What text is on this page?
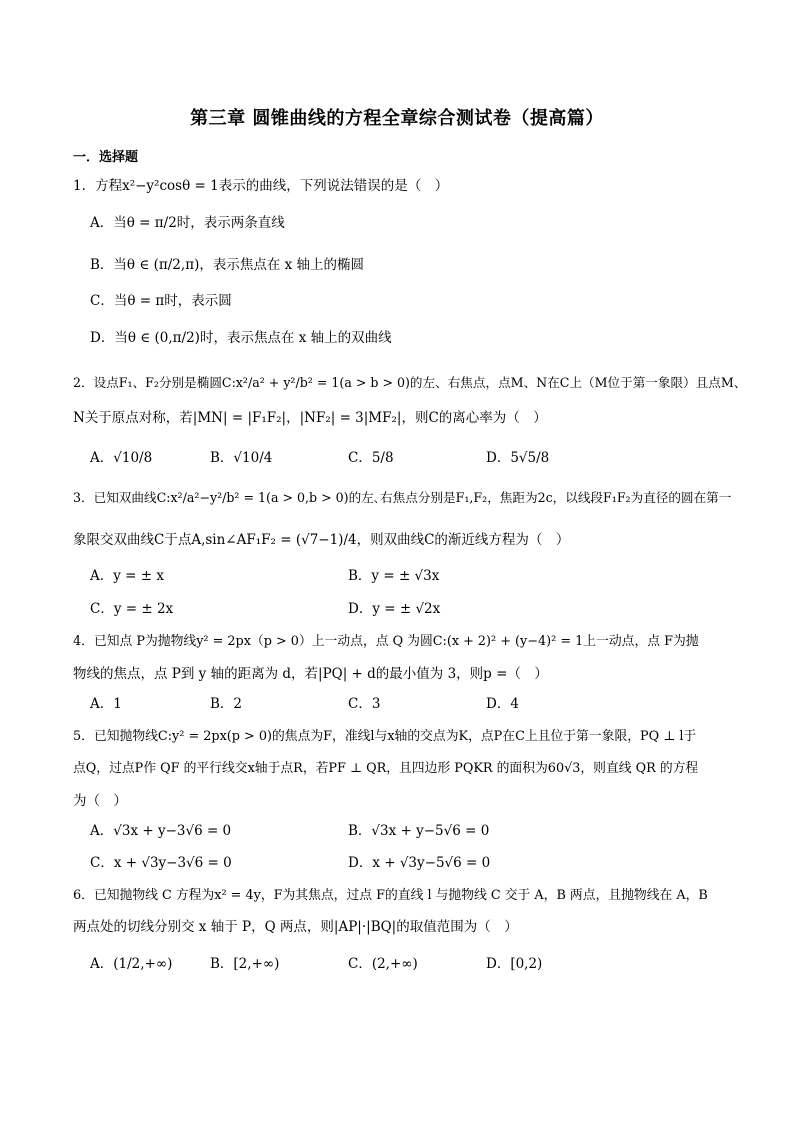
第三章 圆锥曲线的方程全章综合测试卷（提高篇）
一．选择题
1．方程x²−y²cosθ = 1表示的曲线，下列说法错误的是（　）
A．当θ = π/2时，表示两条直线
B．当θ ∈ (π/2,π)，表示焦点在 x 轴上的椭圆
C．当θ = π时，表示圆
D．当θ ∈ (0,π/2)时，表示焦点在 x 轴上的双曲线
2．设点F₁、F₂分别是椭圆C:x²/a² + y²/b² = 1(a > b > 0)的左、右焦点，点M、N在C上（M位于第一象限）且点M、
N关于原点对称，若|MN| = |F₁F₂|，|NF₂| = 3|MF₂|，则C的离心率为（　）
A．√10/8	B．√10/4	C．5/8	D．5√5/8
3．已知双曲线C:x²/a²−y²/b² = 1(a > 0,b > 0)的左､右焦点分别是F₁,F₂，焦距为2c，以线段F₁F₂为直径的圆在第一
象限交双曲线C于点A,sin∠AF₁F₂ = (√7−1)/4，则双曲线C的渐近线方程为（　）
A．y = ± x	B．y = ± √3x
C．y = ± 2x	D．y = ± √2x
4．已知点 P为抛物线y² = 2px（p > 0）上一动点，点 Q 为圆C:(x + 2)² + (y−4)² = 1上一动点，点 F为抛
物线的焦点，点 P到 y 轴的距离为 d，若|PQ| + d的最小值为 3，则p =（　）
A．1	B．2	C．3	D．4
5．已知抛物线C:y² = 2px(p > 0)的焦点为F，准线l与x轴的交点为K，点P在C上且位于第一象限，PQ ⊥ l于
点Q，过点P作 QF 的平行线交x轴于点R，若PF ⊥ QR，且四边形 PQKR 的面积为60√3，则直线 QR 的方程
为（　）
A．√3x + y−3√6 = 0	B．√3x + y−5√6 = 0
C．x + √3y−3√6 = 0	D．x + √3y−5√6 = 0
6．已知抛物线 C 方程为x² = 4y，F为其焦点，过点 F的直线 l 与抛物线 C 交于 A，B 两点，且抛物线在 A，B
两点处的切线分别交 x 轴于 P，Q 两点，则|AP|·|BQ|的取值范围为（　）
A．(1/2,+∞)	B．[2,+∞)	C．(2,+∞)	D．[0,2)
